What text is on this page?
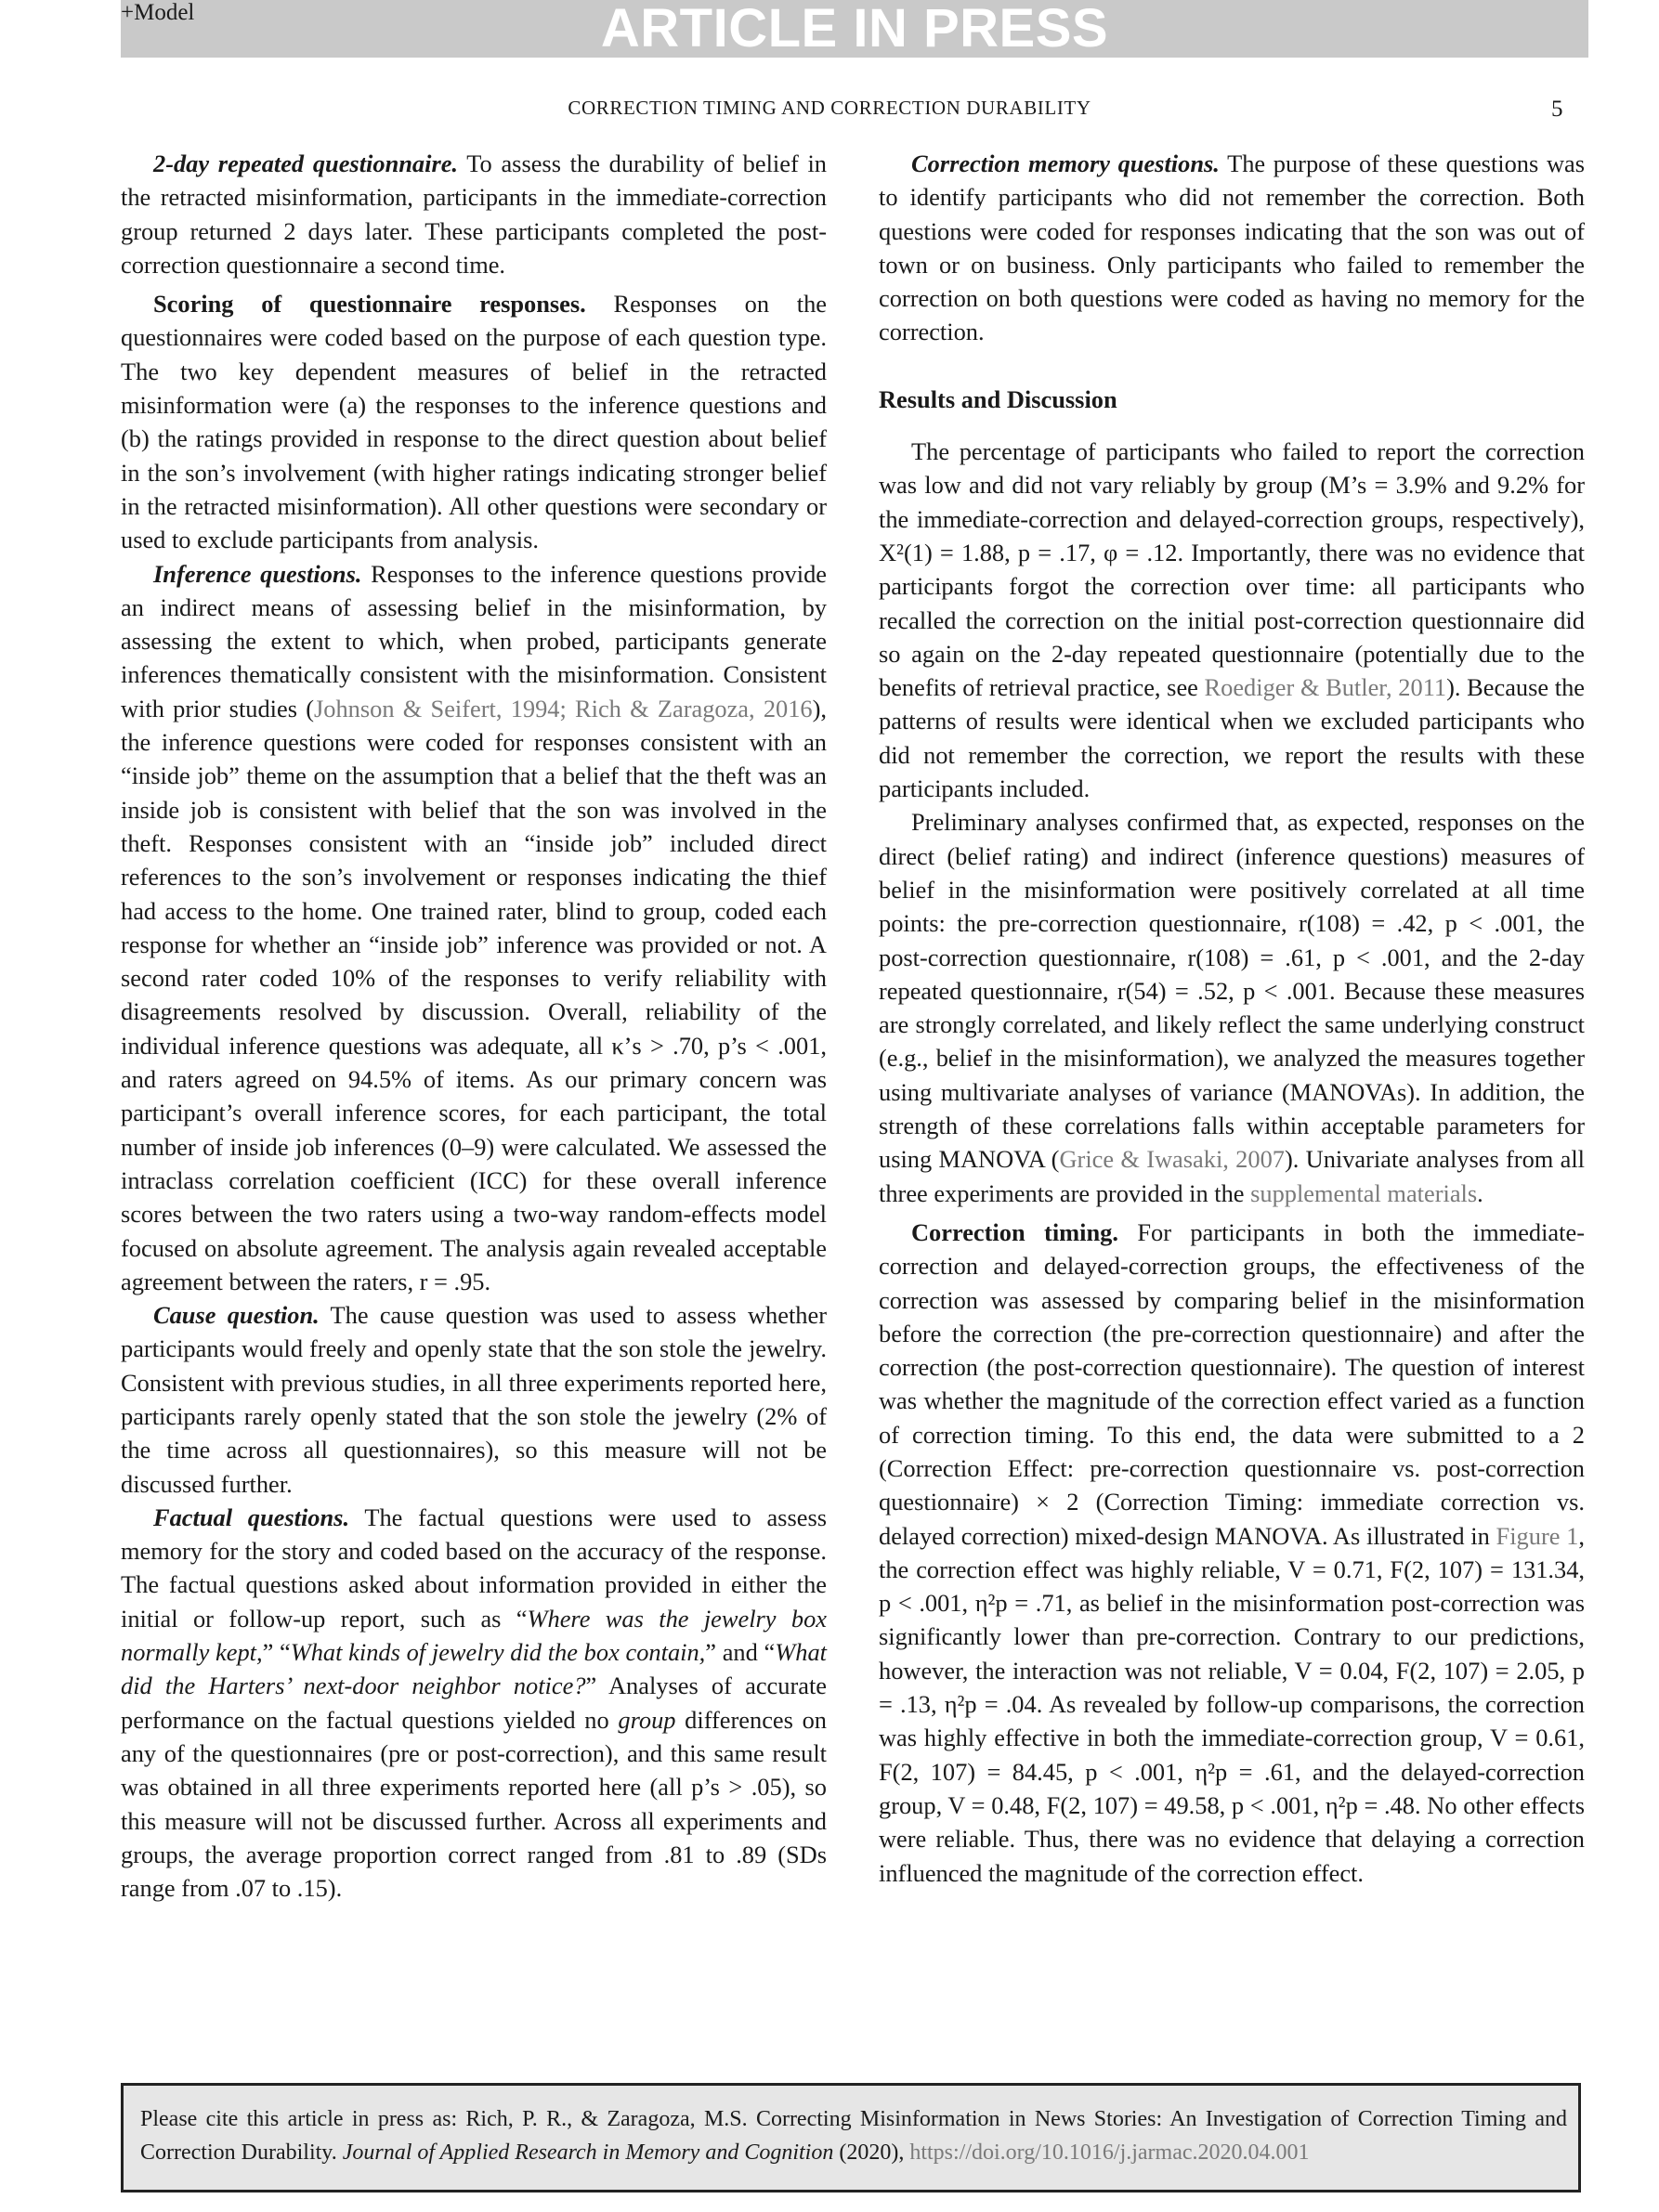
ARTICLE IN PRESS
+Model
CORRECTION TIMING AND CORRECTION DURABILITY	5

2-day repeated questionnaire. To assess the durability of belief in the retracted misinformation, participants in the immediate-correction group returned 2 days later. These participants completed the post-correction questionnaire a second time.

Scoring of questionnaire responses. Responses on the questionnaires were coded based on the purpose of each question type. The two key dependent measures of belief in the retracted misinformation were (a) the responses to the inference questions and (b) the ratings provided in response to the direct question about belief in the son’s involvement (with higher ratings indicating stronger belief in the retracted misinformation). All other questions were secondary or used to exclude participants from analysis.

Inference questions. Responses to the inference questions provide an indirect means of assessing belief in the misinformation, by assessing the extent to which, when probed, participants generate inferences thematically consistent with the misinformation. Consistent with prior studies (Johnson & Seifert, 1994; Rich & Zaragoza, 2016), the inference questions were coded for responses consistent with an “inside job” theme on the assumption that a belief that the theft was an inside job is consistent with belief that the son was involved in the theft. Responses consistent with an “inside job” included direct references to the son’s involvement or responses indicating the thief had access to the home. One trained rater, blind to group, coded each response for whether an “inside job” inference was provided or not. A second rater coded 10% of the responses to verify reliability with disagreements resolved by discussion. Overall, reliability of the individual inference questions was adequate, all κ’s > .70, p’s < .001, and raters agreed on 94.5% of items. As our primary concern was participant’s overall inference scores, for each participant, the total number of inside job inferences (0–9) were calculated. We assessed the intraclass correlation coefficient (ICC) for these overall inference scores between the two raters using a two-way random-effects model focused on absolute agreement. The analysis again revealed acceptable agreement between the raters, r = .95.

Cause question. The cause question was used to assess whether participants would freely and openly state that the son stole the jewelry. Consistent with previous studies, in all three experiments reported here, participants rarely openly stated that the son stole the jewelry (2% of the time across all questionnaires), so this measure will not be discussed further.

Factual questions. The factual questions were used to assess memory for the story and coded based on the accuracy of the response. The factual questions asked about information provided in either the initial or follow-up report, such as “Where was the jewelry box normally kept,” “What kinds of jewelry did the box contain,” and “What did the Harters’ next-door neighbor notice?” Analyses of accurate performance on the factual questions yielded no group differences on any of the questionnaires (pre or post-correction), and this same result was obtained in all three experiments reported here (all p’s > .05), so this measure will not be discussed further. Across all experiments and groups, the average proportion correct ranged from .81 to .89 (SDs range from .07 to .15).

Correction memory questions. The purpose of these questions was to identify participants who did not remember the correction. Both questions were coded for responses indicating that the son was out of town or on business. Only participants who failed to remember the correction on both questions were coded as having no memory for the correction.

Results and Discussion

The percentage of participants who failed to report the correction was low and did not vary reliably by group (M’s = 3.9% and 9.2% for the immediate-correction and delayed-correction groups, respectively), X²(1) = 1.88, p = .17, φ = .12. Importantly, there was no evidence that participants forgot the correction over time: all participants who recalled the correction on the initial post-correction questionnaire did so again on the 2-day repeated questionnaire (potentially due to the benefits of retrieval practice, see Roediger & Butler, 2011). Because the patterns of results were identical when we excluded participants who did not remember the correction, we report the results with these participants included.

Preliminary analyses confirmed that, as expected, responses on the direct (belief rating) and indirect (inference questions) measures of belief in the misinformation were positively correlated at all time points: the pre-correction questionnaire, r(108) = .42, p < .001, the post-correction questionnaire, r(108) = .61, p < .001, and the 2-day repeated questionnaire, r(54) = .52, p < .001. Because these measures are strongly correlated, and likely reflect the same underlying construct (e.g., belief in the misinformation), we analyzed the measures together using multivariate analyses of variance (MANOVAs). In addition, the strength of these correlations falls within acceptable parameters for using MANOVA (Grice & Iwasaki, 2007). Univariate analyses from all three experiments are provided in the supplemental materials.

Correction timing. For participants in both the immediate-correction and delayed-correction groups, the effectiveness of the correction was assessed by comparing belief in the misinformation before the correction (the pre-correction questionnaire) and after the correction (the post-correction questionnaire). The question of interest was whether the magnitude of the correction effect varied as a function of correction timing. To this end, the data were submitted to a 2 (Correction Effect: pre-correction questionnaire vs. post-correction questionnaire) × 2 (Correction Timing: immediate correction vs. delayed correction) mixed-design MANOVA. As illustrated in Figure 1, the correction effect was highly reliable, V = 0.71, F(2, 107) = 131.34, p < .001, η²p = .71, as belief in the misinformation post-correction was significantly lower than pre-correction. Contrary to our predictions, however, the interaction was not reliable, V = 0.04, F(2, 107) = 2.05, p = .13, η²p = .04. As revealed by follow-up comparisons, the correction was highly effective in both the immediate-correction group, V = 0.61, F(2, 107) = 84.45, p < .001, η²p = .61, and the delayed-correction group, V = 0.48, F(2, 107) = 49.58, p < .001, η²p = .48. No other effects were reliable. Thus, there was no evidence that delaying a correction influenced the magnitude of the correction effect.

Please cite this article in press as: Rich, P. R., & Zaragoza, M.S. Correcting Misinformation in News Stories: An Investigation of Correction Timing and Correction Durability. Journal of Applied Research in Memory and Cognition (2020), https://doi.org/10.1016/j.jarmac.2020.04.001
